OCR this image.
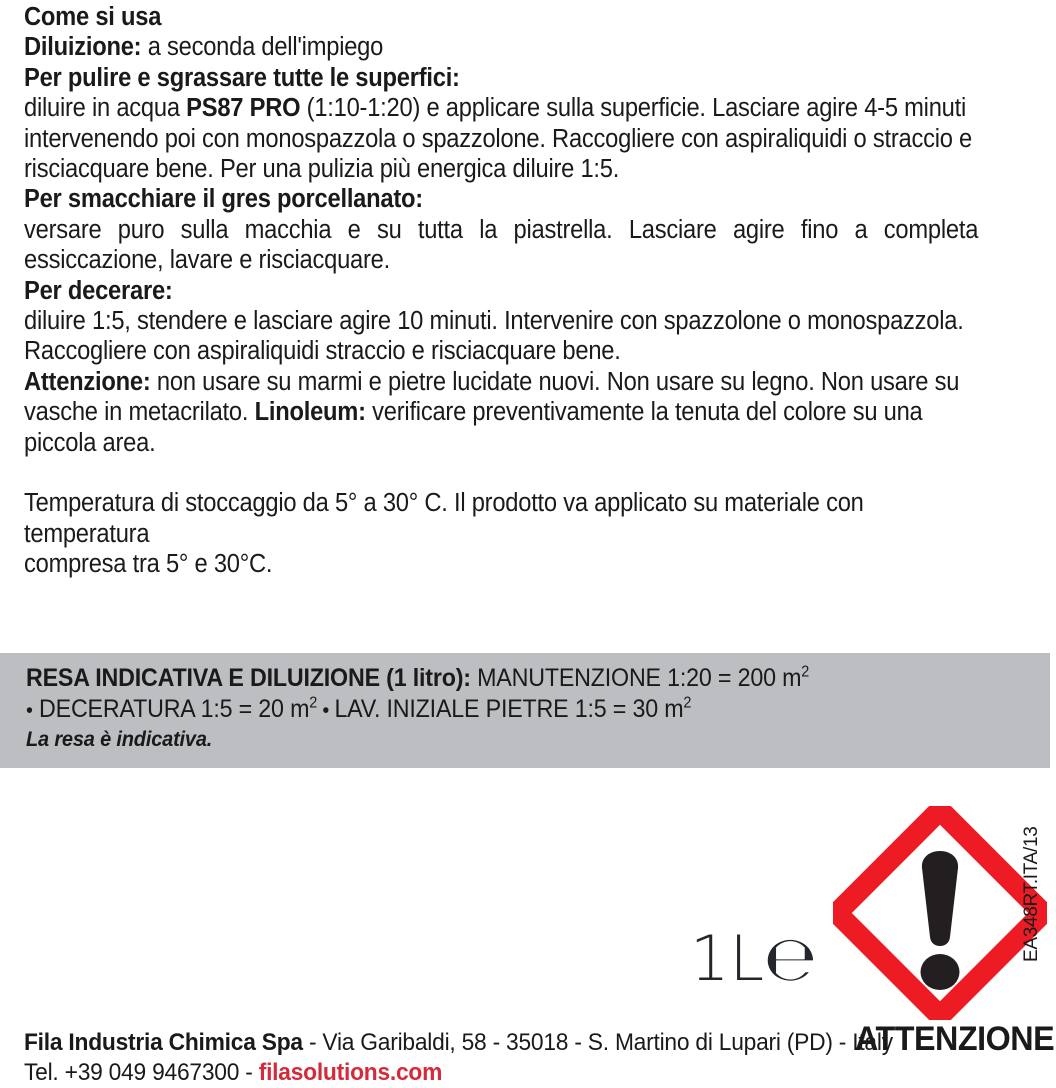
Come si usa

Diluizione: a seconda dell'impiego

Per pulire e sgrassare tutte le superfici:

diluire in acqua PS87 PRO (1:10-1:20) e applicare sulla superficie. Lasciare agire 4-5 minuti

intervenendo poi con monospazzola o spazzolone. Raccogliere con aspiraliquidi o straccio e

risciacquare bene. Per una pulizia più energica diluire 1:5.

Per smacchiare il gres porcellanato:

versare puro sulla macchia e su tutta la piastrella. Lasciare agire fino a completa essiccazione, lavare e risciacquare.

Per decerare:

diluire 1:5, stendere e lasciare agire 10 minuti. Intervenire con spazzolone o monospazzola.

Raccogliere con aspiraliquidi straccio e risciacquare bene.

Attenzione: non usare su marmi e pietre lucidate nuovi. Non usare su legno. Non usare su vasche in metacrilato. Linoleum: verificare preventivamente la tenuta del colore su una piccola area.

Temperatura di stoccaggio da 5° a 30° C. Il prodotto va applicato su materiale con temperatura

compresa tra 5° e 30°C.

RESA INDICATIVA E DILUIZIONE (1 litro): MANUTENZIONE 1:20 = 200 $m^2$
• DECERATURA 1:5 = 20 $m^2$ • LAV. INIZIALE PIETRE 1:5 = 30 $m^2$
La resa è indicativa.
1L℮
ATTENZIONE
EA348RT.ITA/13
Fila Industria Chimica Spa - Via Garibaldi, 58 - 35018 - S. Martino di Lupari (PD) - Italy
Tel. +39 049 9467300 - filasolutions.com
